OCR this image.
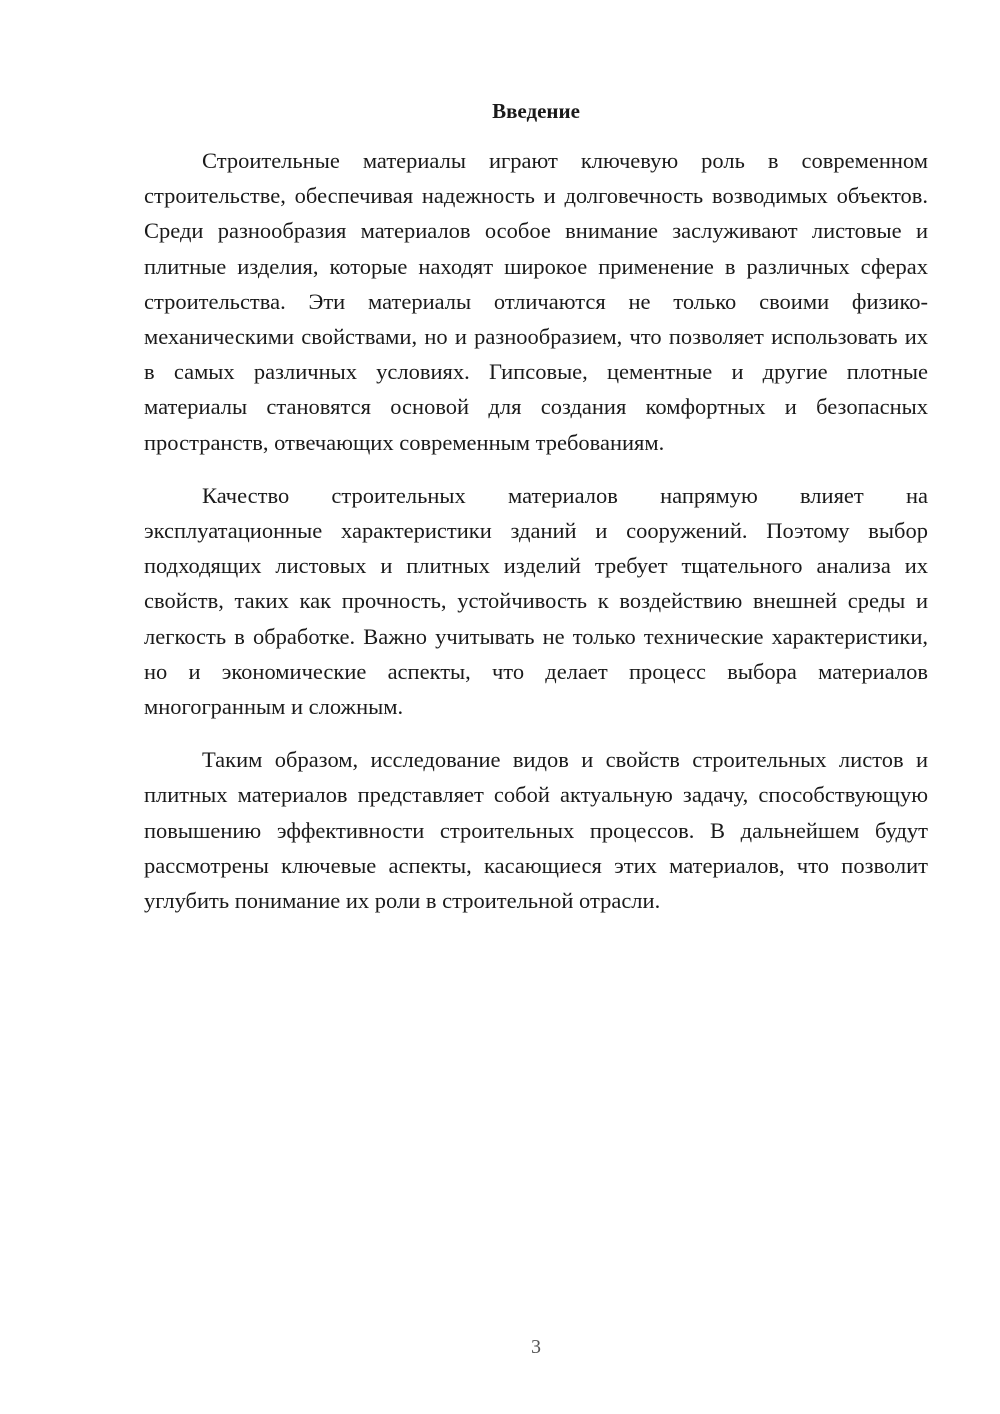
Введение

Строительные материалы играют ключевую роль в современном строительстве, обеспечивая надежность и долговечность возводимых объектов. Среди разнообразия материалов особое внимание заслуживают листовые и плитные изделия, которые находят широкое применение в различных сферах строительства. Эти материалы отличаются не только своими физико-механическими свойствами, но и разнообразием, что позволяет использовать их в самых различных условиях. Гипсовые, цементные и другие плотные материалы становятся основой для создания комфортных и безопасных пространств, отвечающих современным требованиям.

Качество строительных материалов напрямую влияет на эксплуатационные характеристики зданий и сооружений. Поэтому выбор подходящих листовых и плитных изделий требует тщательного анализа их свойств, таких как прочность, устойчивость к воздействию внешней среды и легкость в обработке. Важно учитывать не только технические характеристики, но и экономические аспекты, что делает процесс выбора материалов многогранным и сложным.

Таким образом, исследование видов и свойств строительных листов и плитных материалов представляет собой актуальную задачу, способствующую повышению эффективности строительных процессов. В дальнейшем будут рассмотрены ключевые аспекты, касающиеся этих материалов, что позволит углубить понимание их роли в строительной отрасли.

3
